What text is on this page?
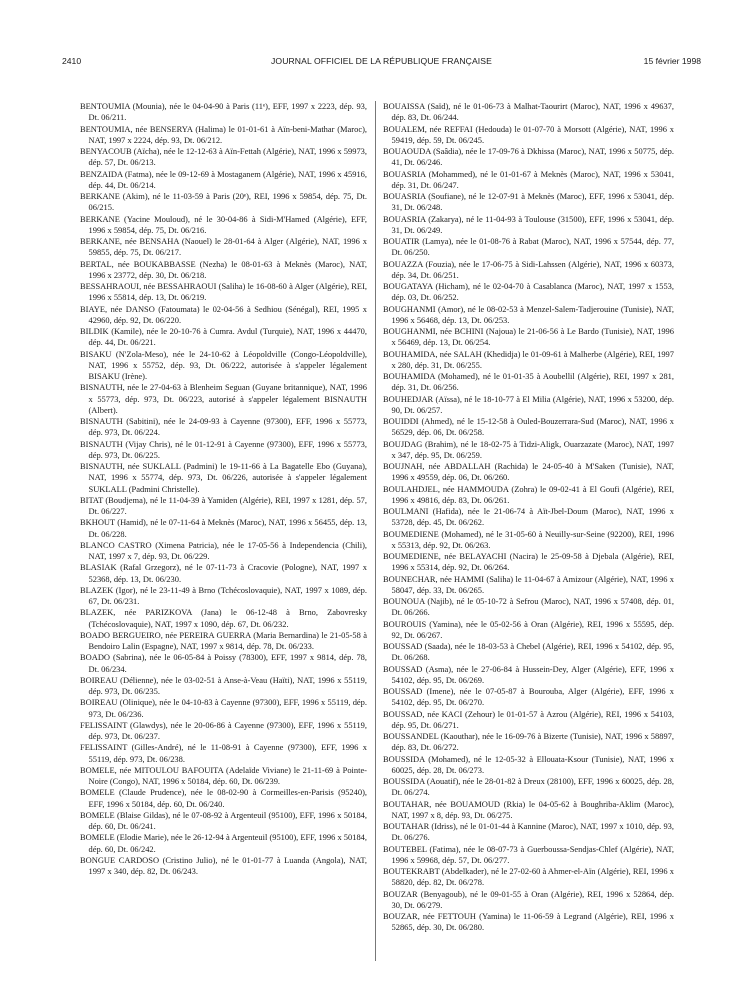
2410	JOURNAL OFFICIEL DE LA RÉPUBLIQUE FRANÇAISE	15 février 1998

BENTOUMIA (Mounia), née le 04-04-90 à Paris (11ᵉ), EFF, 1997 x 2223, dép. 93, Dt. 06/211.

BENTOUMIA, née BENSERYA (Halima) le 01-01-61 à Aïn-beni-Mathar (Maroc), NAT, 1997 x 2224, dép. 93, Dt. 06/212.

BENYACOUB (Aïcha), née le 12-12-63 à Aïn-Fettah (Algérie), NAT, 1996 x 59973, dép. 57, Dt. 06/213.

BENZAIDA (Fatma), née le 09-12-69 à Mostaganem (Algérie), NAT, 1996 x 45916, dép. 44, Dt. 06/214.

BERKANE (Akim), né le 11-03-59 à Paris (20ᵉ), REI, 1996 x 59854, dép. 75, Dt. 06/215.

BERKANE (Yacine Mouloud), né le 30-04-86 à Sidi-M'Hamed (Algérie), EFF, 1996 x 59854, dép. 75, Dt. 06/216.

BERKANE, née BENSAHA (Naouel) le 28-01-64 à Alger (Algérie), NAT, 1996 x 59855, dép. 75, Dt. 06/217.

BERTAL, née BOUKABBASSE (Nezha) le 08-01-63 à Meknès (Maroc), NAT, 1996 x 23772, dép. 30, Dt. 06/218.

BESSAHRAOUI, née BESSAHRAOUI (Saliha) le 16-08-60 à Alger (Algérie), REI, 1996 x 55814, dép. 13, Dt. 06/219.

BIAYE, née DANSO (Fatoumata) le 02-04-56 à Sedhiou (Sénégal), REI, 1995 x 42960, dép. 92, Dt. 06/220.

BILDIK (Kamile), née le 20-10-76 à Cumra. Avdul (Turquie), NAT, 1996 x 44470, dép. 44, Dt. 06/221.

BISAKU (N'Zola-Meso), née le 24-10-62 à Léopoldville (Congo-Léopoldville), NAT, 1996 x 55752, dép. 93, Dt. 06/222, autorisée à s'appeler légalement BISAKU (Irène).

BISNAUTH, née le 27-04-63 à Blenheim Seguan (Guyane britannique), NAT, 1996 x 55773, dép. 973, Dt. 06/223, autorisé à s'appeler légalement BISNAUTH (Albert).

BISNAUTH (Sabitini), née le 24-09-93 à Cayenne (97300), EFF, 1996 x 55773, dép. 973, Dt. 06/224.

BISNAUTH (Vijay Chris), né le 01-12-91 à Cayenne (97300), EFF, 1996 x 55773, dép. 973, Dt. 06/225.

BISNAUTH, née SUKLALL (Padmini) le 19-11-66 à La Bagatelle Ebo (Guyana), NAT, 1996 x 55774, dép. 973, Dt. 06/226, autorisée à s'appeler légalement SUKLALL (Padmini Christelle).

BITAT (Boudjema), né le 11-04-39 à Yamiden (Algérie), REI, 1997 x 1281, dép. 57, Dt. 06/227.

BKHOUT (Hamid), né le 07-11-64 à Meknès (Maroc), NAT, 1996 x 56455, dép. 13, Dt. 06/228.

BLANCO CASTRO (Ximena Patricia), née le 17-05-56 à Independencia (Chili), NAT, 1997 x 7, dép. 93, Dt. 06/229.

BLASIAK (Rafal Grzegorz), né le 07-11-73 à Cracovie (Pologne), NAT, 1997 x 52368, dép. 13, Dt. 06/230.

BLAZEK (Igor), né le 23-11-49 à Brno (Tchécoslovaquie), NAT, 1997 x 1089, dép. 67, Dt. 06/231.

BLAZEK, née PARIZKOVA (Jana) le 06-12-48 à Brno, Zabovresky (Tchécoslovaquie), NAT, 1997 x 1090, dép. 67, Dt. 06/232.

BOADO BERGUEIRO, née PEREIRA GUERRA (Maria Bernardina) le 21-05-58 à Bendoiro Lalin (Espagne), NAT, 1997 x 9814, dép. 78, Dt. 06/233.

BOADO (Sabrina), née le 06-05-84 à Poissy (78300), EFF, 1997 x 9814, dép. 78, Dt. 06/234.

BOIREAU (Délienne), née le 03-02-51 à Anse-à-Veau (Haïti), NAT, 1996 x 55119, dép. 973, Dt. 06/235.

BOIREAU (Olinique), née le 04-10-83 à Cayenne (97300), EFF, 1996 x 55119, dép. 973, Dt. 06/236.

FELISSAINT (Glawdys), née le 20-06-86 à Cayenne (97300), EFF, 1996 x 55119, dép. 973, Dt. 06/237.

FELISSAINT (Gilles-André), né le 11-08-91 à Cayenne (97300), EFF, 1996 x 55119, dép. 973, Dt. 06/238.

BOMELE, née MITOULOU BAFOUITA (Adelaïde Viviane) le 21-11-69 à Pointe-Noire (Congo), NAT, 1996 x 50184, dép. 60, Dt. 06/239.

BOMELE (Claude Prudence), née le 08-02-90 à Cormeilles-en-Parisis (95240), EFF, 1996 x 50184, dép. 60, Dt. 06/240.

BOMELE (Blaise Gildas), né le 07-08-92 à Argenteuil (95100), EFF, 1996 x 50184, dép. 60, Dt. 06/241.

BOMELE (Elodie Marie), née le 26-12-94 à Argenteuil (95100), EFF, 1996 x 50184, dép. 60, Dt. 06/242.

BONGUE CARDOSO (Cristino Julio), né le 01-01-77 à Luanda (Angola), NAT, 1997 x 340, dép. 82, Dt. 06/243.

BOUAISSA (Saïd), né le 01-06-73 à Malhat-Taourirt (Maroc), NAT, 1996 x 49637, dép. 83, Dt. 06/244.

BOUALEM, née REFFAI (Hedouda) le 01-07-70 à Morsott (Algérie), NAT, 1996 x 59419, dép. 59, Dt. 06/245.

BOUAOUDA (Saâdia), née le 17-09-76 à Dkhissa (Maroc), NAT, 1996 x 50775, dép. 41, Dt. 06/246.

BOUASRIA (Mohammed), né le 01-01-67 à Meknès (Maroc), NAT, 1996 x 53041, dép. 31, Dt. 06/247.

BOUASRIA (Soufiane), né le 12-07-91 à Meknès (Maroc), EFF, 1996 x 53041, dép. 31, Dt. 06/248.

BOUASRIA (Zakarya), né le 11-04-93 à Toulouse (31500), EFF, 1996 x 53041, dép. 31, Dt. 06/249.

BOUATIR (Lamya), née le 01-08-76 à Rabat (Maroc), NAT, 1996 x 57544, dép. 77, Dt. 06/250.

BOUAZZA (Fouzia), née le 17-06-75 à Sidi-Lahssen (Algérie), NAT, 1996 x 60373, dép. 34, Dt. 06/251.

BOUGATAYA (Hicham), né le 02-04-70 à Casablanca (Maroc), NAT, 1997 x 1553, dép. 03, Dt. 06/252.

BOUGHANMI (Amor), né le 08-02-53 à Menzel-Salem-Tadjerouine (Tunisie), NAT, 1996 x 56468, dép. 13, Dt. 06/253.

BOUGHANMI, née BCHINI (Najoua) le 21-06-56 à Le Bardo (Tunisie), NAT, 1996 x 56469, dép. 13, Dt. 06/254.

BOUHAMIDA, née SALAH (Khedidja) le 01-09-61 à Malherbe (Algérie), REI, 1997 x 280, dép. 31, Dt. 06/255.

BOUHAMIDA (Mohamed), né le 01-01-35 à Aoubellil (Algérie), REI, 1997 x 281, dép. 31, Dt. 06/256.

BOUHEDJAR (Aïssa), né le 18-10-77 à El Milia (Algérie), NAT, 1996 x 53200, dép. 90, Dt. 06/257.

BOUIDDI (Ahmed), né le 15-12-58 à Ouled-Bouzerrara-Sud (Maroc), NAT, 1996 x 56529, dép. 06, Dt. 06/258.

BOUJDAG (Brahim), né le 18-02-75 à Tidzi-Aligk, Ouarzazate (Maroc), NAT, 1997 x 347, dép. 95, Dt. 06/259.

BOUJNAH, née ABDALLAH (Rachida) le 24-05-40 à M'Saken (Tunisie), NAT, 1996 x 49559, dép. 06, Dt. 06/260.

BOULAHDJEL, née HAMMOUDA (Zohra) le 09-02-41 à El Goufi (Algérie), REI, 1996 x 49816, dép. 83, Dt. 06/261.

BOULMANI (Hafida), née le 21-06-74 à Aït-Jbel-Doum (Maroc), NAT, 1996 x 53728, dép. 45, Dt. 06/262.

BOUMEDIENE (Mohamed), né le 31-05-60 à Neuilly-sur-Seine (92200), REI, 1996 x 55313, dép. 92, Dt. 06/263.

BOUMEDIENE, née BELAYACHI (Nacira) le 25-09-58 à Djebala (Algérie), REI, 1996 x 55314, dép. 92, Dt. 06/264.

BOUNECHAR, née HAMMI (Saliha) le 11-04-67 à Amizour (Algérie), NAT, 1996 x 58047, dép. 33, Dt. 06/265.

BOUNOUA (Najib), né le 05-10-72 à Sefrou (Maroc), NAT, 1996 x 57408, dép. 01, Dt. 06/266.

BOUROUIS (Yamina), née le 05-02-56 à Oran (Algérie), REI, 1996 x 55595, dép. 92, Dt. 06/267.

BOUSSAD (Saada), née le 18-03-53 à Chebel (Algérie), REI, 1996 x 54102, dép. 95, Dt. 06/268.

BOUSSAD (Asma), née le 27-06-84 à Hussein-Dey, Alger (Algérie), EFF, 1996 x 54102, dép. 95, Dt. 06/269.

BOUSSAD (Imene), née le 07-05-87 à Bourouba, Alger (Algérie), EFF, 1996 x 54102, dép. 95, Dt. 06/270.

BOUSSAD, née KACI (Zehour) le 01-01-57 à Azrou (Algérie), REI, 1996 x 54103, dép. 95, Dt. 06/271.

BOUSSANDEL (Kaouthar), née le 16-09-76 à Bizerte (Tunisie), NAT, 1996 x 58897, dép. 83, Dt. 06/272.

BOUSSIDA (Mohamed), né le 12-05-32 à Ellouata-Ksour (Tunisie), NAT, 1996 x 60025, dép. 28, Dt. 06/273.

BOUSSIDA (Aouatif), née le 28-01-82 à Dreux (28100), EFF, 1996 x 60025, dép. 28, Dt. 06/274.

BOUTAHAR, née BOUAMOUD (Rkia) le 04-05-62 à Boughriba-Aklim (Maroc), NAT, 1997 x 8, dép. 93, Dt. 06/275.

BOUTAHAR (Idriss), né le 01-01-44 à Kannine (Maroc), NAT, 1997 x 1010, dép. 93, Dt. 06/276.

BOUTEBEL (Fatima), née le 08-07-73 à Guerboussa-Sendjas-Chlef (Algérie), NAT, 1996 x 59968, dép. 57, Dt. 06/277.

BOUTEKRABT (Abdelkader), né le 27-02-60 à Ahmer-el-Aïn (Algérie), REI, 1996 x 58820, dép. 82, Dt. 06/278.

BOUZAR (Benyagoub), né le 09-01-55 à Oran (Algérie), REI, 1996 x 52864, dép. 30, Dt. 06/279.

BOUZAR, née FETTOUH (Yamina) le 11-06-59 à Legrand (Algérie), REI, 1996 x 52865, dép. 30, Dt. 06/280.
